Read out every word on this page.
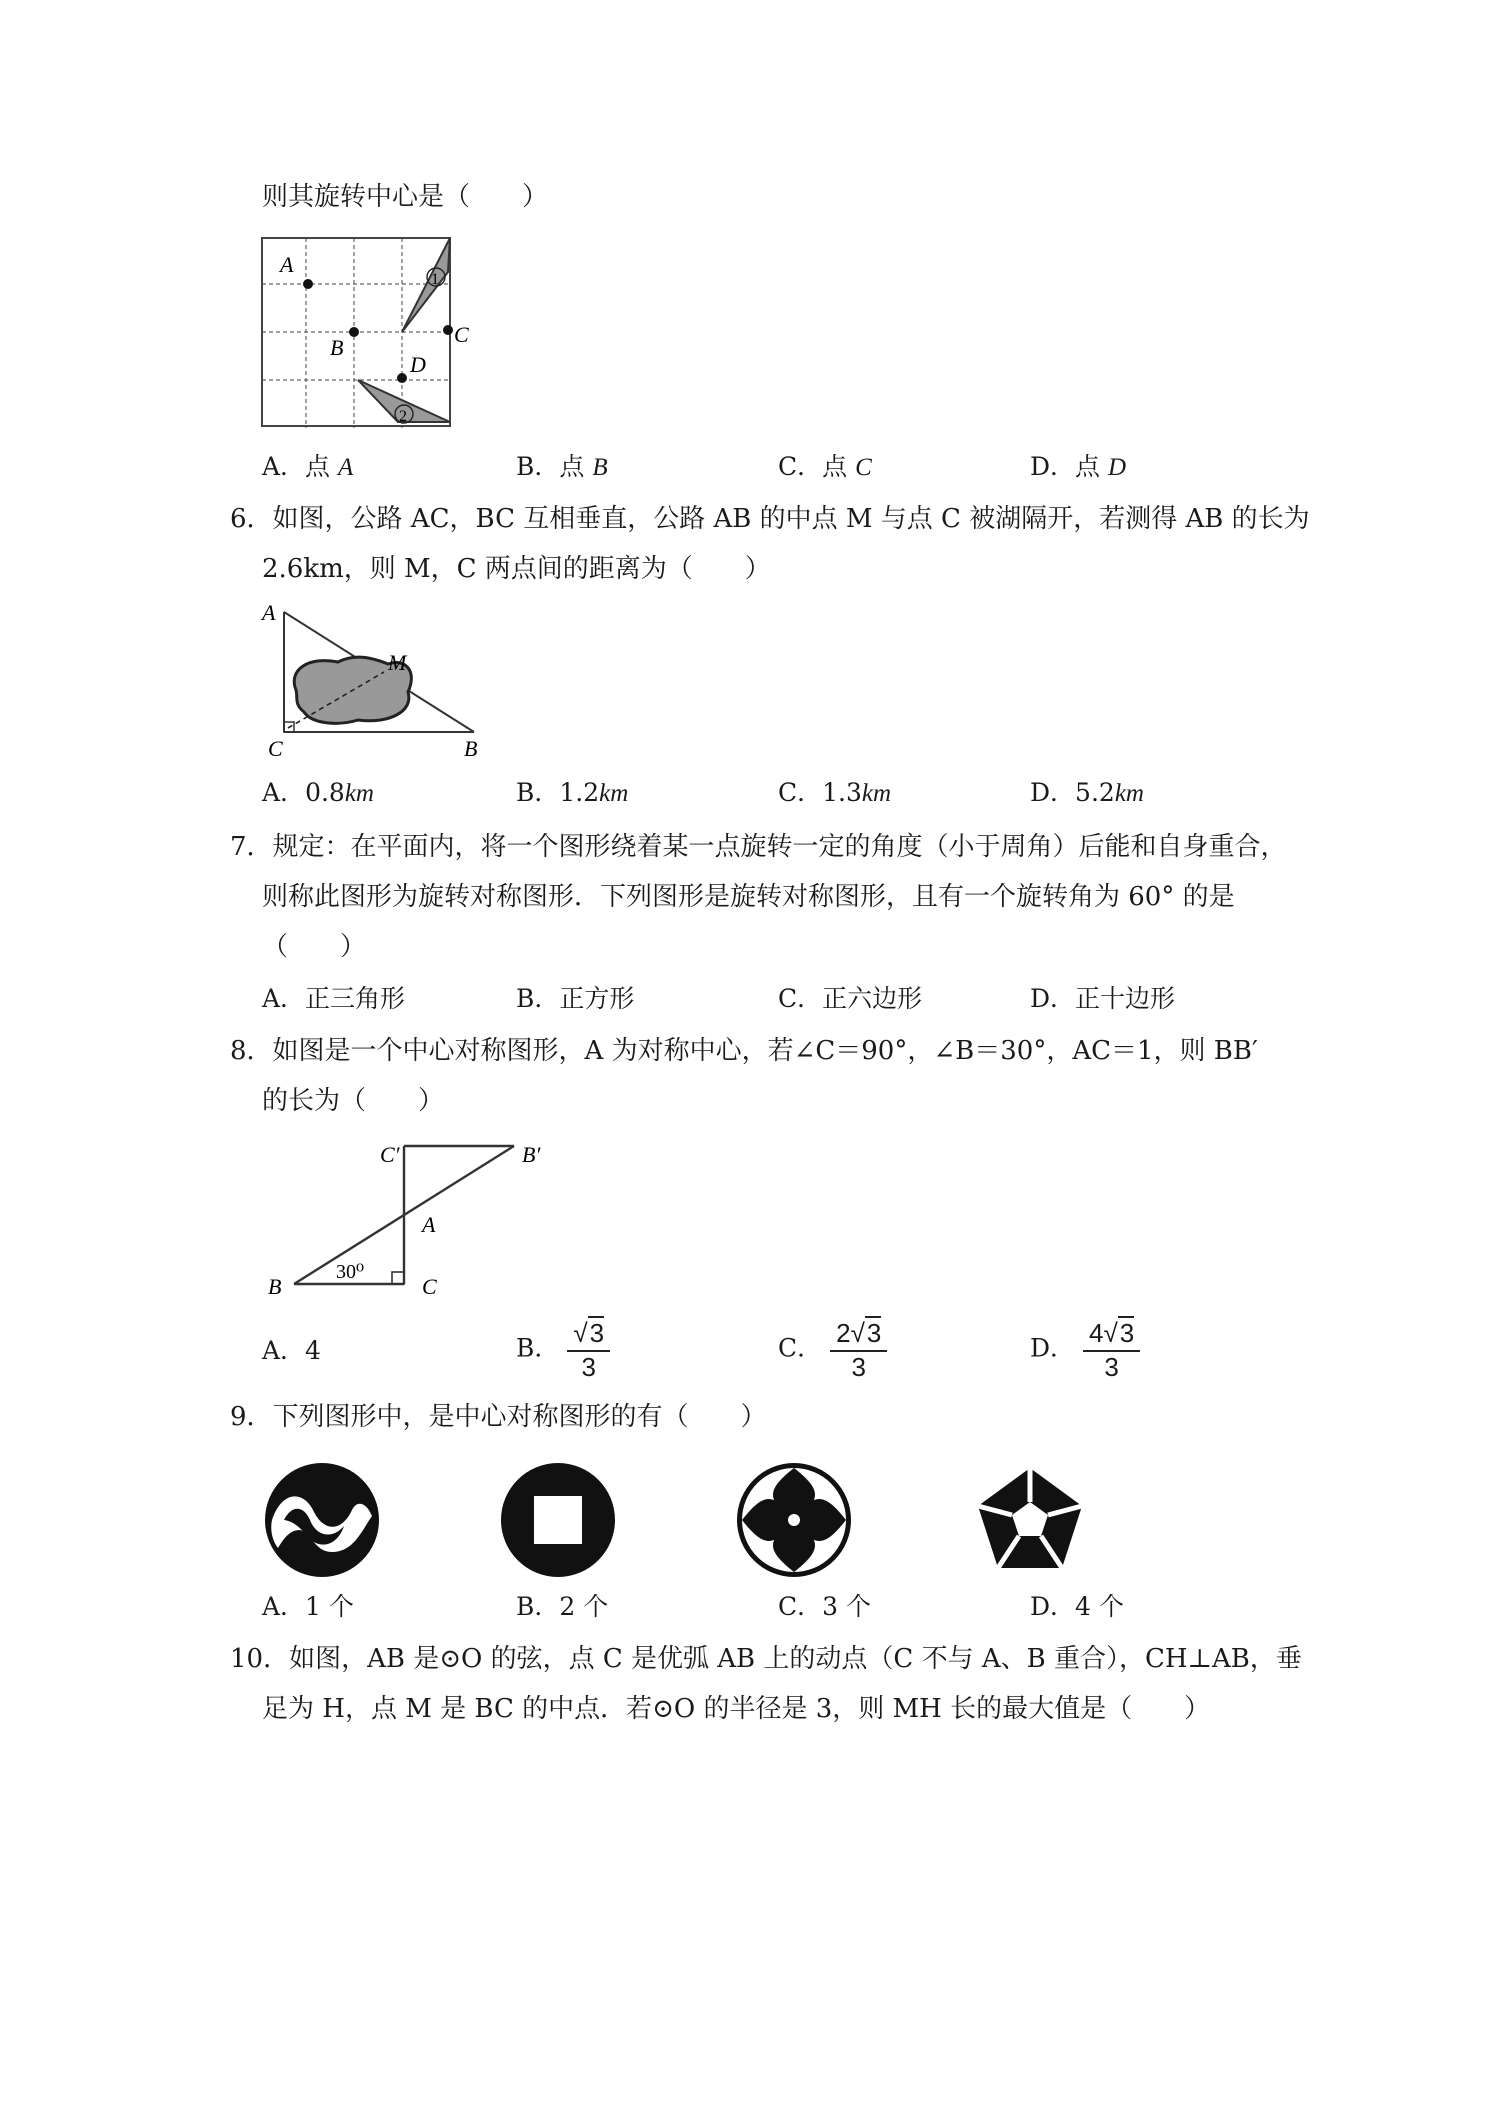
则其旋转中心是（　　）
A
B
C
D
1
2
A．点 A	B．点 B	C．点 C	D．点 D
6．如图，公路 AC，BC 互相垂直，公路 AB 的中点 M 与点 C 被湖隔开，若测得 AB 的长为
2.6km，则 M，C 两点间的距离为（　　）
A
M
C	B
A．0.8km	B．1.2km	C．1.3km	D．5.2km
7．规定：在平面内，将一个图形绕着某一点旋转一定的角度（小于周角）后能和自身重合，
则称此图形为旋转对称图形．下列图形是旋转对称图形，且有一个旋转角为 60° 的是
（　　）
A．正三角形	B．正方形	C．正六边形	D．正十边形
8．如图是一个中心对称图形，A 为对称中心，若∠C＝90°，∠B＝30°，AC＝1，则 BB′
的长为（　　）
C′	B′
A
B	C
30⁰
A．4	B． $\frac{√3}{3}$	C． $\frac{2√3}{3}$	D． $\frac{4√3}{3}$
9．下列图形中，是中心对称图形的有（　　）
A．1 个	B．2 个	C．3 个	D．4 个
10．如图，AB 是⊙O 的弦，点 C 是优弧 AB 上的动点（C 不与 A、B 重合），CH⊥AB，垂
足为 H，点 M 是 BC 的中点．若⊙O 的半径是 3，则 MH 长的最大值是（　　）
